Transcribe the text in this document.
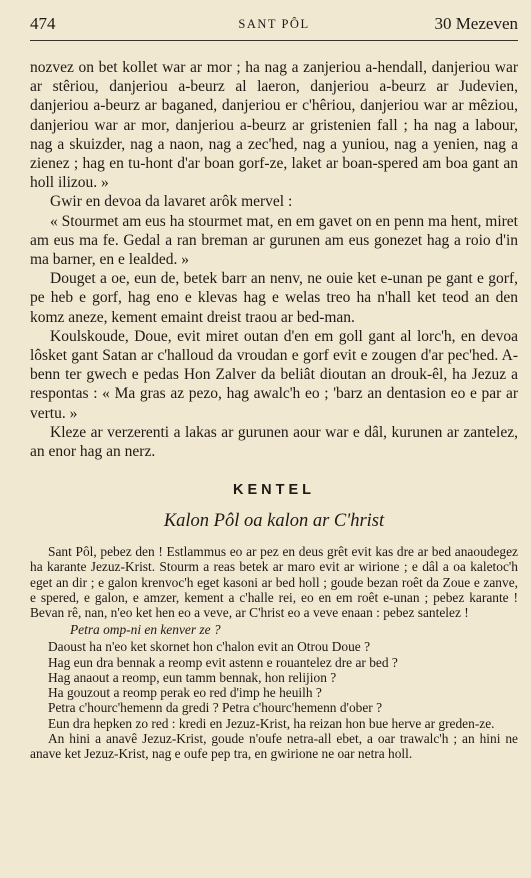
474	SANT PÔL	30 Mezeven

nozvez on bet kollet war ar mor ; ha nag a zanjeriou a-hendall, danjeriou war ar stêriou, danjeriou a-beurz al laeron, danjeriou a-beurz ar Judevien, danjeriou a-beurz ar baganed, danjeriou er c'hêriou, danjeriou war ar mêziou, danjeriou war ar mor, danjeriou a-beurz ar gristenien fall ; ha nag a labour, nag a skuizder, nag a naon, nag a zec'hed, nag a yuniou, nag a yenien, nag a zienez ; hag en tu-hont d'ar boan gorf-ze, laket ar boan-spered am boa gant an holl ilizou. »

Gwir en devoa da lavaret arôk mervel :

« Stourmet am eus ha stourmet mat, en em gavet on en penn ma hent, miret am eus ma fe. Gedal a ran breman ar gurunen am eus gonezet hag a roio d'in ma barner, en e lealded. »

Douget a oe, eun de, betek barr an nenv, ne ouie ket e-unan pe gant e gorf, pe heb e gorf, hag eno e klevas hag e welas treo ha n'hall ket teod an den komz aneze, kement emaint dreist traou ar bed-man.

Koulskoude, Doue, evit miret outan d'en em goll gant al lorc'h, en devoa lôsket gant Satan ar c'halloud da vroudan e gorf evit e zougen d'ar pec'hed. A-benn ter gwech e pedas Hon Zalver da beliât dioutan an drouk-êl, ha Jezuz a respontas : « Ma gras az pezo, hag awalc'h eo ; 'barz an dentasion eo e par ar vertu. »

Kleze ar verzerenti a lakas ar gurunen aour war e dâl, kurunen ar zantelez, an enor hag an nerz.

KENTEL
Kalon Pôl oa kalon ar C'hrist

Sant Pôl, pebez den ! Estlammus eo ar pez en deus grêt evit kas dre ar bed anaoudegez ha karante Jezuz-Krist. Stourm a reas betek ar maro evit ar wirione ; e dâl a oa kaletoc'h eget an dir ; e galon krenvoc'h eget kasoni ar bed holl ; goude bezan roêt da Zoue e zanve, e spered, e galon, e amzer, kement a c'halle rei, eo en em roêt e-unan ; pebez karante ! Bevan rê, nan, n'eo ket hen eo a veve, ar C'hrist eo a veve enaan : pebez santelez !

Petra omp-ni en kenver ze ?

Daoust ha n'eo ket skornet hon c'halon evit an Otrou Doue ?

Hag eun dra bennak a reomp evit astenn e rouantelez dre ar bed ?

Hag anaout a reomp, eun tamm bennak, hon relijion ?

Ha gouzout a reomp perak eo red d'imp he heuilh ?

Petra c'hourc'hemenn da gredi ? Petra c'hourc'hemenn d'ober ?

Eun dra hepken zo red : kredi en Jezuz-Krist, ha reizan hon bue herve ar greden-ze.

An hini a anavê Jezuz-Krist, goude n'oufe netra-all ebet, a oar trawalc'h ; an hini ne anave ket Jezuz-Krist, nag e oufe pep tra, en gwirione ne oar netra holl.
